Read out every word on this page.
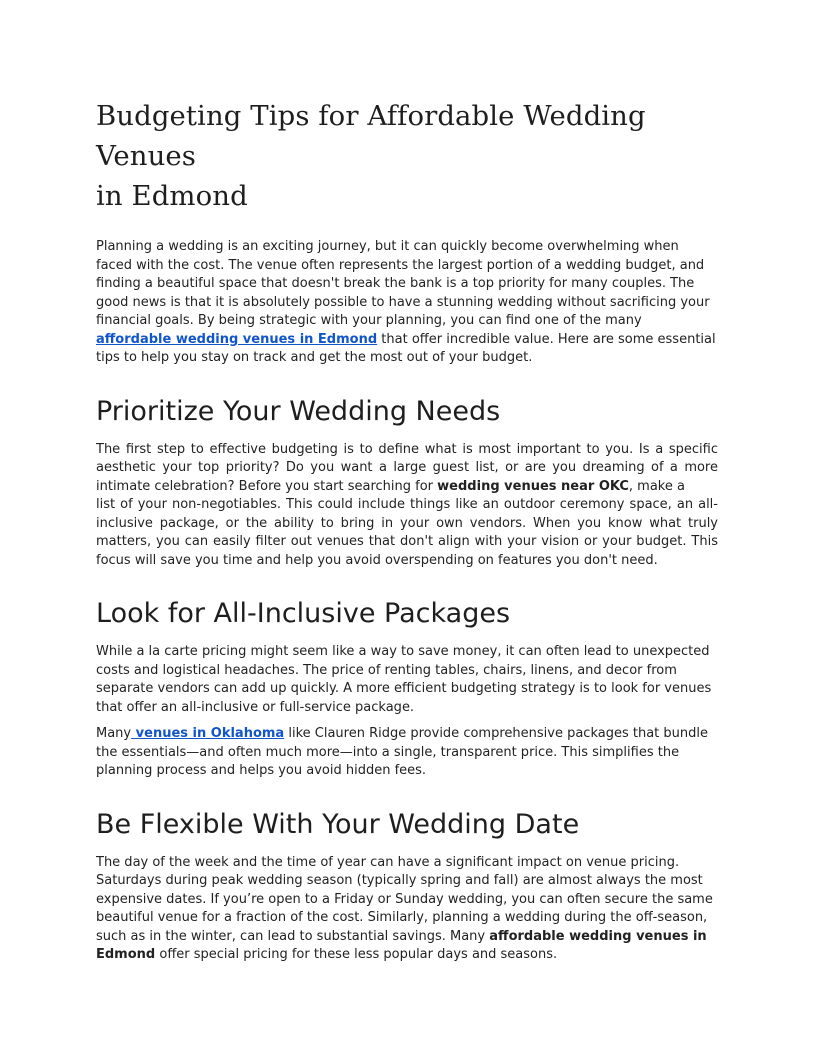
Budgeting Tips for Affordable Wedding Venues
in Edmond

Planning a wedding is an exciting journey, but it can quickly become overwhelming when faced with the cost. The venue often represents the largest portion of a wedding budget, and finding a beautiful space that doesn't break the bank is a top priority for many couples. The good news is that it is absolutely possible to have a stunning wedding without sacrificing your financial goals. By being strategic with your planning, you can find one of the many affordable wedding venues in Edmond that offer incredible value. Here are some essential tips to help you stay on track and get the most out of your budget.

Prioritize Your Wedding Needs

The first step to effective budgeting is to define what is most important to you. Is a specific aesthetic your top priority? Do you want a large guest list, or are you dreaming of a more intimate celebration? Before you start searching for wedding venues near OKC, make a
list of your non-negotiables. This could include things like an outdoor ceremony space, an all-inclusive package, or the ability to bring in your own vendors. When you know what truly matters, you can easily filter out venues that don't align with your vision or your budget. This focus will save you time and help you avoid overspending on features you don't need.

Look for All-Inclusive Packages

While a la carte pricing might seem like a way to save money, it can often lead to unexpected costs and logistical headaches. The price of renting tables, chairs, linens, and decor from separate vendors can add up quickly. A more efficient budgeting strategy is to look for venues that offer an all-inclusive or full-service package.

Many venues in Oklahoma like Clauren Ridge provide comprehensive packages that bundle the essentials—and often much more—into a single, transparent price. This simplifies the planning process and helps you avoid hidden fees.

Be Flexible With Your Wedding Date

The day of the week and the time of year can have a significant impact on venue pricing. Saturdays during peak wedding season (typically spring and fall) are almost always the most expensive dates. If you’re open to a Friday or Sunday wedding, you can often secure the same beautiful venue for a fraction of the cost. Similarly, planning a wedding during the off-season, such as in the winter, can lead to substantial savings. Many affordable wedding venues in Edmond offer special pricing for these less popular days and seasons.
